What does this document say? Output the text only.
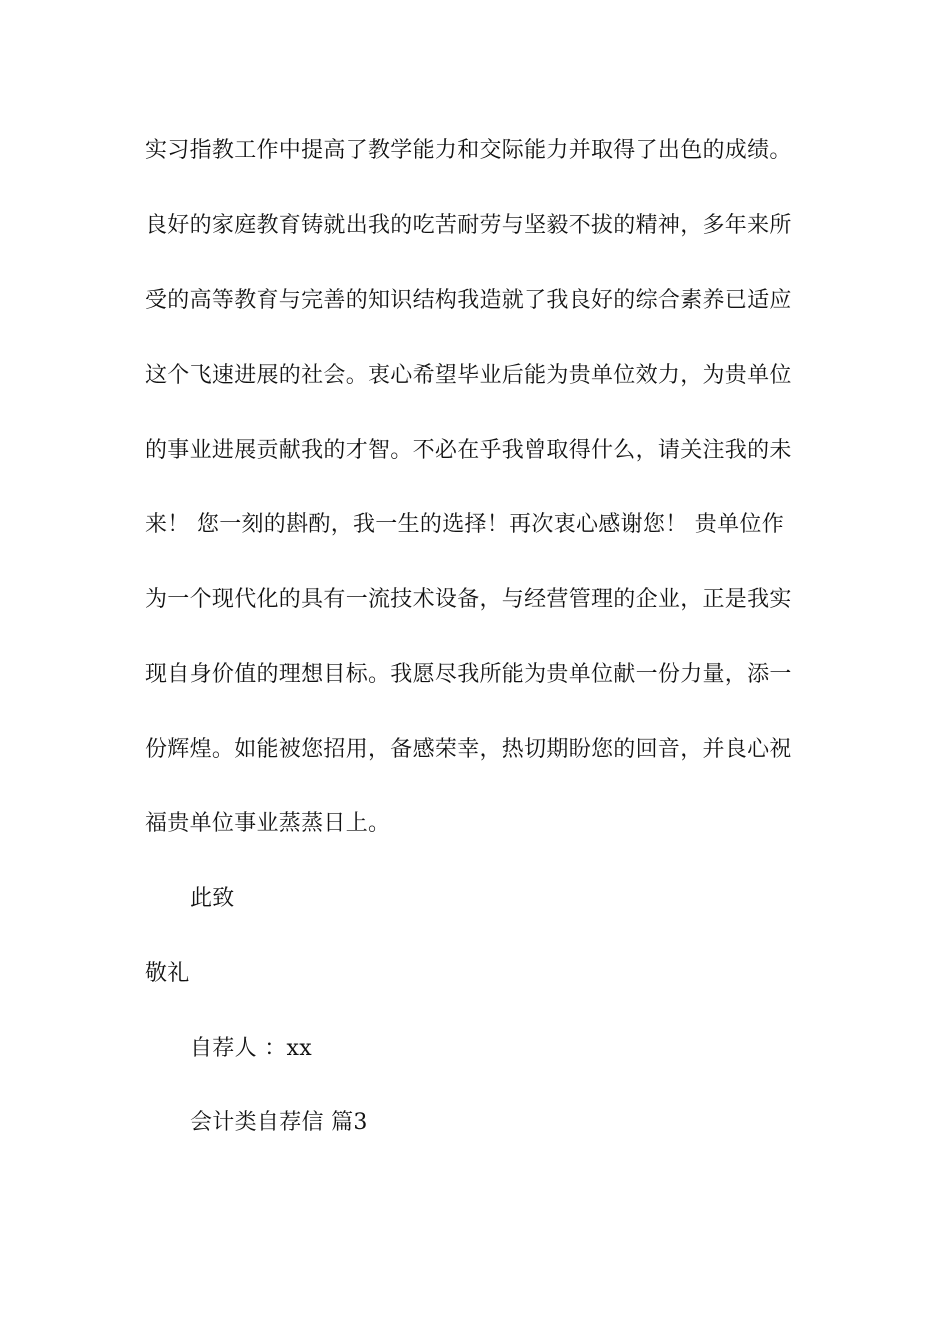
实习指教工作中提高了教学能力和交际能力并取得了出色的成绩。
良好的家庭教育铸就出我的吃苦耐劳与坚毅不拔的精神，多年来所
受的高等教育与完善的知识结构我造就了我良好的综合素养已适应
这个飞速进展的社会。衷心希望毕业后能为贵单位效力，为贵单位
的事业进展贡献我的才智。不必在乎我曾取得什么，请关注我的未
来！ 您一刻的斟酌，我一生的选择！再次衷心感谢您！ 贵单位作
为一个现代化的具有一流技术设备，与经营管理的企业，正是我实
现自身价值的理想目标。我愿尽我所能为贵单位献一份力量，添一
份辉煌。如能被您招用，备感荣幸，热切期盼您的回音，并良心祝
福贵单位事业蒸蒸日上。
此致
敬礼
自荐人 ：xx
会计类自荐信 篇3
